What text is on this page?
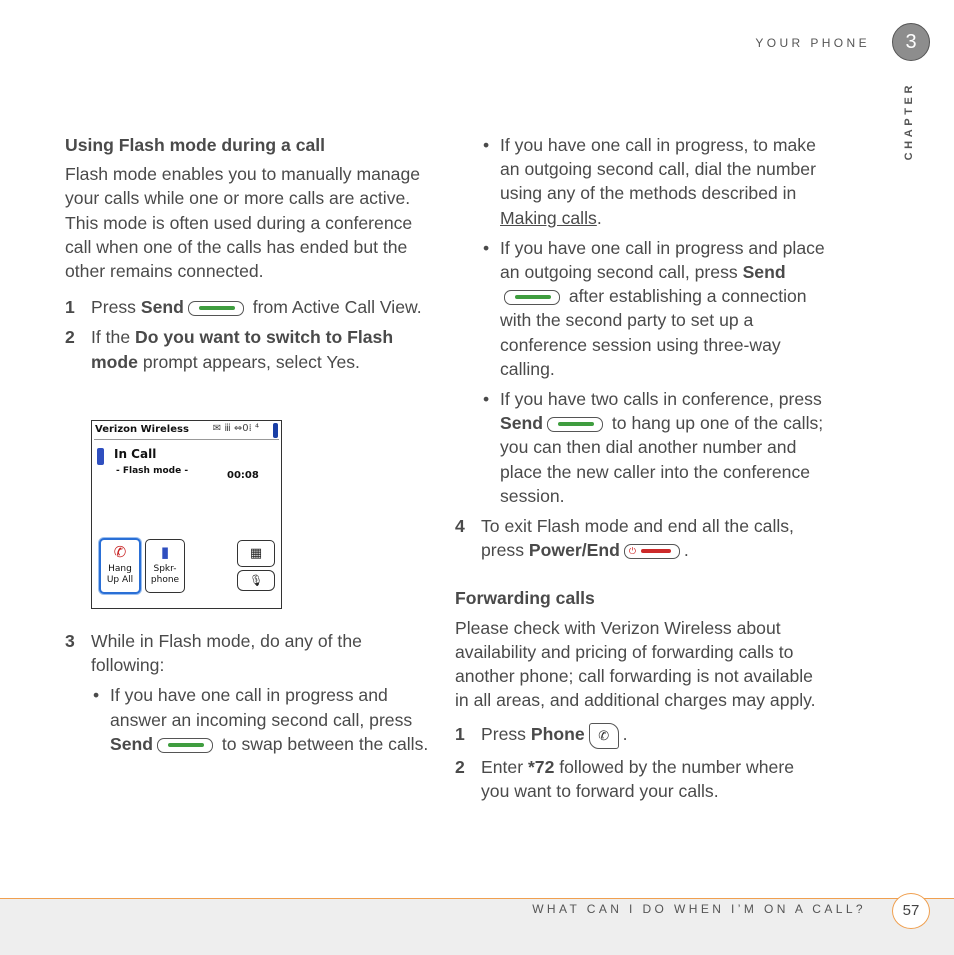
YOUR PHONE	3
CHAPTER
Using Flash mode during a call

Flash mode enables you to manually manage your calls while one or more calls are active. This mode is often used during a conference call when one of the calls has ended but the other remains connected.

1 Press Send	from Active Call View.
2 If the Do you want to switch to Flash mode prompt appears, select Yes.
Verizon Wireless ✉ ⅲ ⇔0⁞ ⁴
In Call
- Flash mode -	00:08
✆
Hang
Up All
▮
Spkr-
phone
▦
🎙
3 While in Flash mode, do any of the following:
• If you have one call in progress and answer an incoming second call, press Send	to swap between the calls.
• If you have one call in progress, to make an outgoing second call, dial the number using any of the methods described in Making calls.
• If you have one call in progress and place an outgoing second call, press Send
after establishing a connection with the second party to set up a conference session using three-way calling.
• If you have two calls in conference, press Send	to hang up one of the calls; you can then dial another number and place the new caller into the conference session.
4 To exit Flash mode and end all the calls, press Power/End ⏻	.
Forwarding calls

Please check with Verizon Wireless about availability and pricing of forwarding calls to another phone; call forwarding is not available in all areas, and additional charges may apply.

1 Press Phone ✆ .
2 Enter *72 followed by the number where you want to forward your calls.
WHAT CAN I DO WHEN I’M ON A CALL?	57
